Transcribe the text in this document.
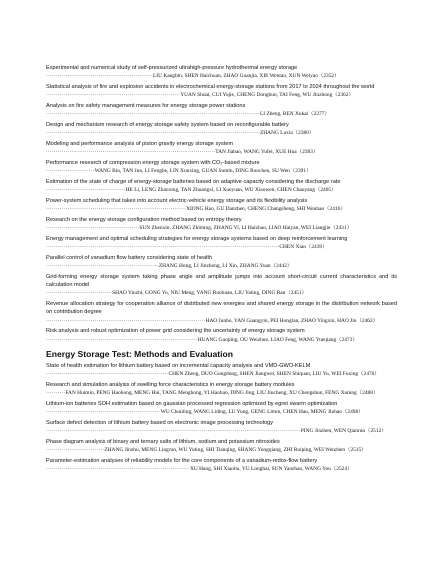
Experimental and numerical study of self-pressurized ultrahigh-pressure hydrothermal energy storage
·······················································LIU Kangbin, SHEN Haichuan, ZHAO Guanjia, XIE Wentao, XUN Weiyao（2352）
Statistical analysis of fire and explosion accidents in electrochemical energy-storage stations from 2017 to 2024 throughout the world
·····································································YUAN Shuai, CUI Yujie, CHENG Donghuo, TAI Feng, WU Jinzhong（2362）
Analysis on fire safety management measures for energy storage power stations
··············································································································LI Zheng, REN Xukai（2377）
Design and mechanism research of energy storage safety system based on reconfigurable battery
··············································································································ZHANG Luxia（2380）
Modeling and performance analysis of piston gravity energy storage system
·······················································································TAN Jiabao, WANG Yufei, XUE Hua（2383）
Performance research of compression energy storage system with CO₂-based mixture
·························WANG Bin, TAN Jun, LI Fengbe, LIN Xunxing, GUAN Sumin, DING Ruochen, SU Wen（2391）
Estimation of the state of charge of energy-storage batteries based on adaptive capacity considering the discharge rate
·········································HE Li, LENG Zhaoxing, TAN Zhuangxi, LI Xueyuan, WU Xiaowen, CHEN Chaoyang（2405）
Power-system scheduling that takes into account electric-vehicle energy storage and its flexibility analysis
········································································XIONG Hao, GU Danzhen, CHENG Changsheng, SHI Wenhao（2416）
Research on the energy storage configuration method based on entropy theory
················································SUN Zhenxin, ZHANG Zhiming, ZHANG Yi, LI Haizhao, LIAO Haiyan, WEI Liangjie（2431）
Energy management and optimal scheduling strategies for energy storage systems based on deep reinforcement learning
························································································································CHEN Xian（2439）
Parallel control of vanadium flow battery considering state of health
··························································ZHANG Hong, LI Jinzhong, LI Xin, ZHANG Yuan（2442）
Grid-forming energy storage system taking phase angle and amplitude jumps into account short-circuit current characteristics and its calculation model
··································SHAO Yinzhi, GONG Yu, NIU Meng, YANG Ruohuan, LIU Yating, DING Ran（2451）
Revenue allocation strategy for cooperation alliance of distributed new energies and shared energy storage in the distribution network based on contribution degree
··················································································HAO Junbo, YAN Guangyin, PEI Honglan, ZHAO Yingxin, HAO Jin（2462）
Risk analysis and robust optimization of power grid considering the uncertainty of energy storage system
··············································································HUANG Guoping, OU Weizhuo, LIAO Feng, WANG Yueqiang（2473）
Energy Storage Test: Methods and Evaluation
State of health estimation for lithium battery based on incremental capacity analysis and VMD-GWO-KELM
·······························································CHEN Zheng, DUO Gongdong, SHEN Jiangwei, SHEN Shiquan, LIU Yu, WEI Fuxing（2476）
Research and simulation analysis of swelling force characteristics in energy storage battery modules
··········FAN Huimin, PENG Haohong, MENG Hui, TANG Menghong, YI Haohao, DING Jing, LIU Jincheng, XU Chengshun, FENG Xuning（2488）
Lithium-ion batteries SOH estimation based on gaussian processed regression optimized by egret swarm optimization
···························································WU Chunling, WANG Liding, LU Yong, GENG Limin, CHEN Hao, MENG Jinhao（2498）
Surface defect detection of lithium battery based on electronic image processing technology
···································································································································PING Jinzhen, WEN Qianrun（2512）
Phase diagram analysis of binary and ternary salts of lithium, sodium and potassium nitroxides
······························ZHANG Jinzhu, MENG Lingrun, WU Yuting, SHI Tianqing, SHANG Yongqiang, ZHI Ruiping, WEI Wenzhen（2515）
Parameter-estimation analyses of reliability models for the core components of a vanadium-redox-flow battery
··········································································XU Hang, SHI Xiaohu, YU Longhai, SUN Yanzhao, WANG You（2524）
